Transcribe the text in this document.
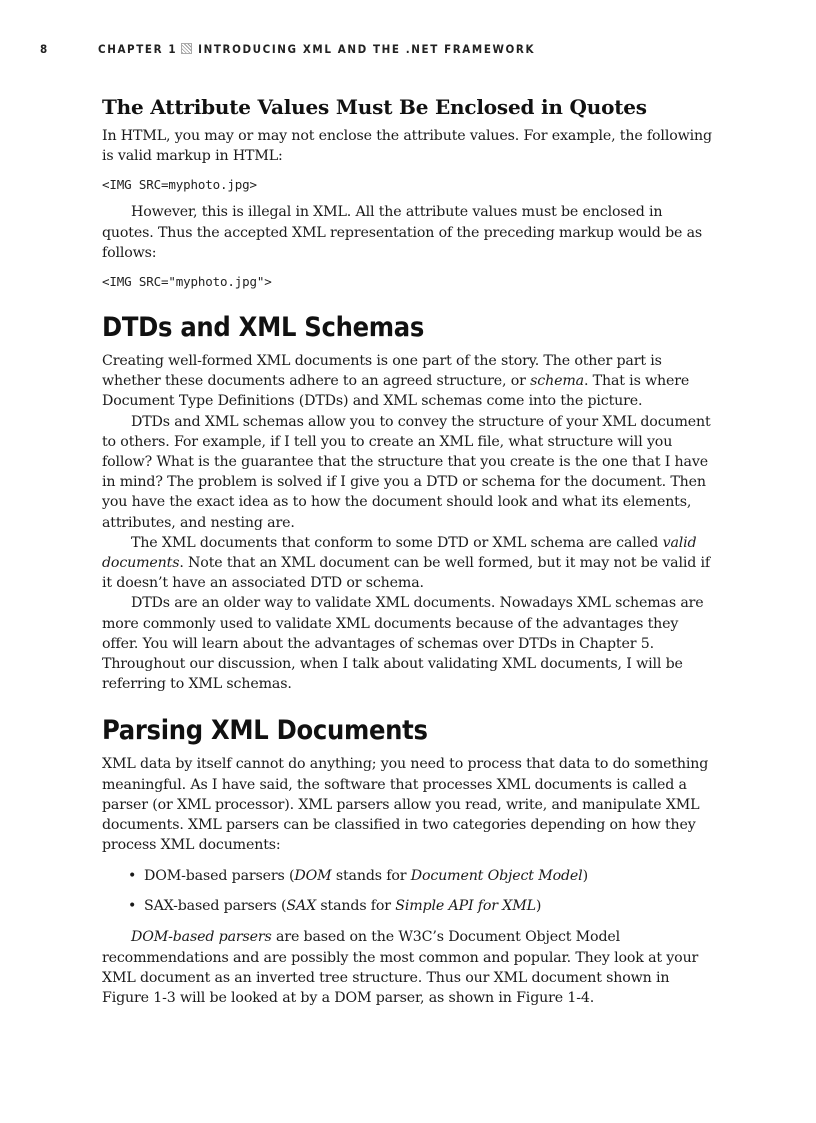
8	CHAPTER 1 INTRODUCING XML AND THE .NET FRAMEWORK
The Attribute Values Must Be Enclosed in Quotes

In HTML, you may or may not enclose the attribute values. For example, the following is valid markup in HTML:

<IMG SRC=myphoto.jpg>

However, this is illegal in XML. All the attribute values must be enclosed in quotes. Thus the accepted XML representation of the preceding markup would be as follows:

<IMG SRC="myphoto.jpg">

DTDs and XML Schemas

Creating well-formed XML documents is one part of the story. The other part is whether these documents adhere to an agreed structure, or schema. That is where Document Type Definitions (DTDs) and XML schemas come into the picture.

DTDs and XML schemas allow you to convey the structure of your XML document to others. For example, if I tell you to create an XML file, what structure will you follow? What is the guarantee that the structure that you create is the one that I have in mind? The problem is solved if I give you a DTD or schema for the document. Then you have the exact idea as to how the document should look and what its elements, attributes, and nesting are.

The XML documents that conform to some DTD or XML schema are called valid documents. Note that an XML document can be well formed, but it may not be valid if it doesn’t have an associated DTD or schema.

DTDs are an older way to validate XML documents. Nowadays XML schemas are more commonly used to validate XML documents because of the advantages they offer. You will learn about the advantages of schemas over DTDs in Chapter 5. Throughout our discussion, when I talk about validating XML documents, I will be referring to XML schemas.

Parsing XML Documents

XML data by itself cannot do anything; you need to process that data to do something meaningful. As I have said, the software that processes XML documents is called a parser (or XML processor). XML parsers allow you read, write, and manipulate XML documents. XML parsers can be classified in two categories depending on how they process XML documents:

• DOM-based parsers (DOM stands for Document Object Model)
• SAX-based parsers (SAX stands for Simple API for XML)

DOM-based parsers are based on the W3C’s Document Object Model recommendations and are possibly the most common and popular. They look at your XML document as an inverted tree structure. Thus our XML document shown in Figure 1-3 will be looked at by a DOM parser, as shown in Figure 1-4.
